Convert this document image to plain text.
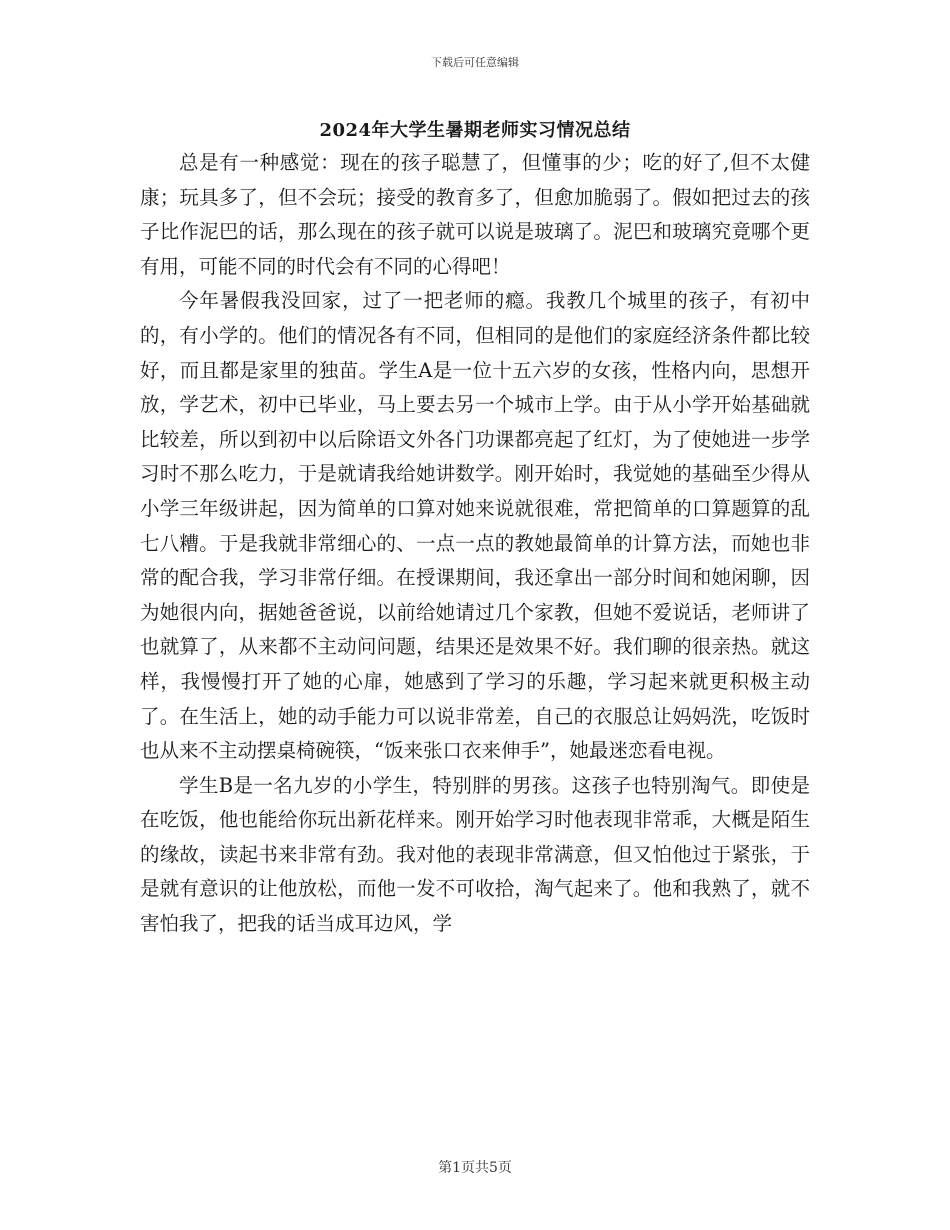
下载后可任意编辑
2024年大学生暑期老师实习情况总结

总是有一种感觉：现在的孩子聪慧了，但懂事的少；吃的好了,但不太健康；玩具多了，但不会玩；接受的教育多了，但愈加脆弱了。假如把过去的孩子比作泥巴的话，那么现在的孩子就可以说是玻璃了。泥巴和玻璃究竟哪个更有用，可能不同的时代会有不同的心得吧！

今年暑假我没回家，过了一把老师的瘾。我教几个城里的孩子，有初中的，有小学的。他们的情况各有不同，但相同的是他们的家庭经济条件都比较好，而且都是家里的独苗。学生A是一位十五六岁的女孩，性格内向，思想开放，学艺术，初中已毕业，马上要去另一个城市上学。由于从小学开始基础就比较差，所以到初中以后除语文外各门功课都亮起了红灯，为了使她进一步学习时不那么吃力，于是就请我给她讲数学。刚开始时，我觉她的基础至少得从小学三年级讲起，因为简单的口算对她来说就很难，常把简单的口算题算的乱七八糟。于是我就非常细心的、一点一点的教她最简单的计算方法，而她也非常的配合我，学习非常仔细。在授课期间，我还拿出一部分时间和她闲聊，因为她很内向，据她爸爸说，以前给她请过几个家教，但她不爱说话，老师讲了也就算了，从来都不主动问问题，结果还是效果不好。我们聊的很亲热。就这样，我慢慢打开了她的心扉，她感到了学习的乐趣，学习起来就更积极主动了。在生活上，她的动手能力可以说非常差，自己的衣服总让妈妈洗，吃饭时也从来不主动摆桌椅碗筷，“饭来张口衣来伸手”，她最迷恋看电视。

学生B是一名九岁的小学生，特别胖的男孩。这孩子也特别淘气。即使是在吃饭，他也能给你玩出新花样来。刚开始学习时他表现非常乖，大概是陌生的缘故，读起书来非常有劲。我对他的表现非常满意，但又怕他过于紧张，于是就有意识的让他放松，而他一发不可收拾，淘气起来了。他和我熟了，就不害怕我了，把我的话当成耳边风，学

第1页共5页
